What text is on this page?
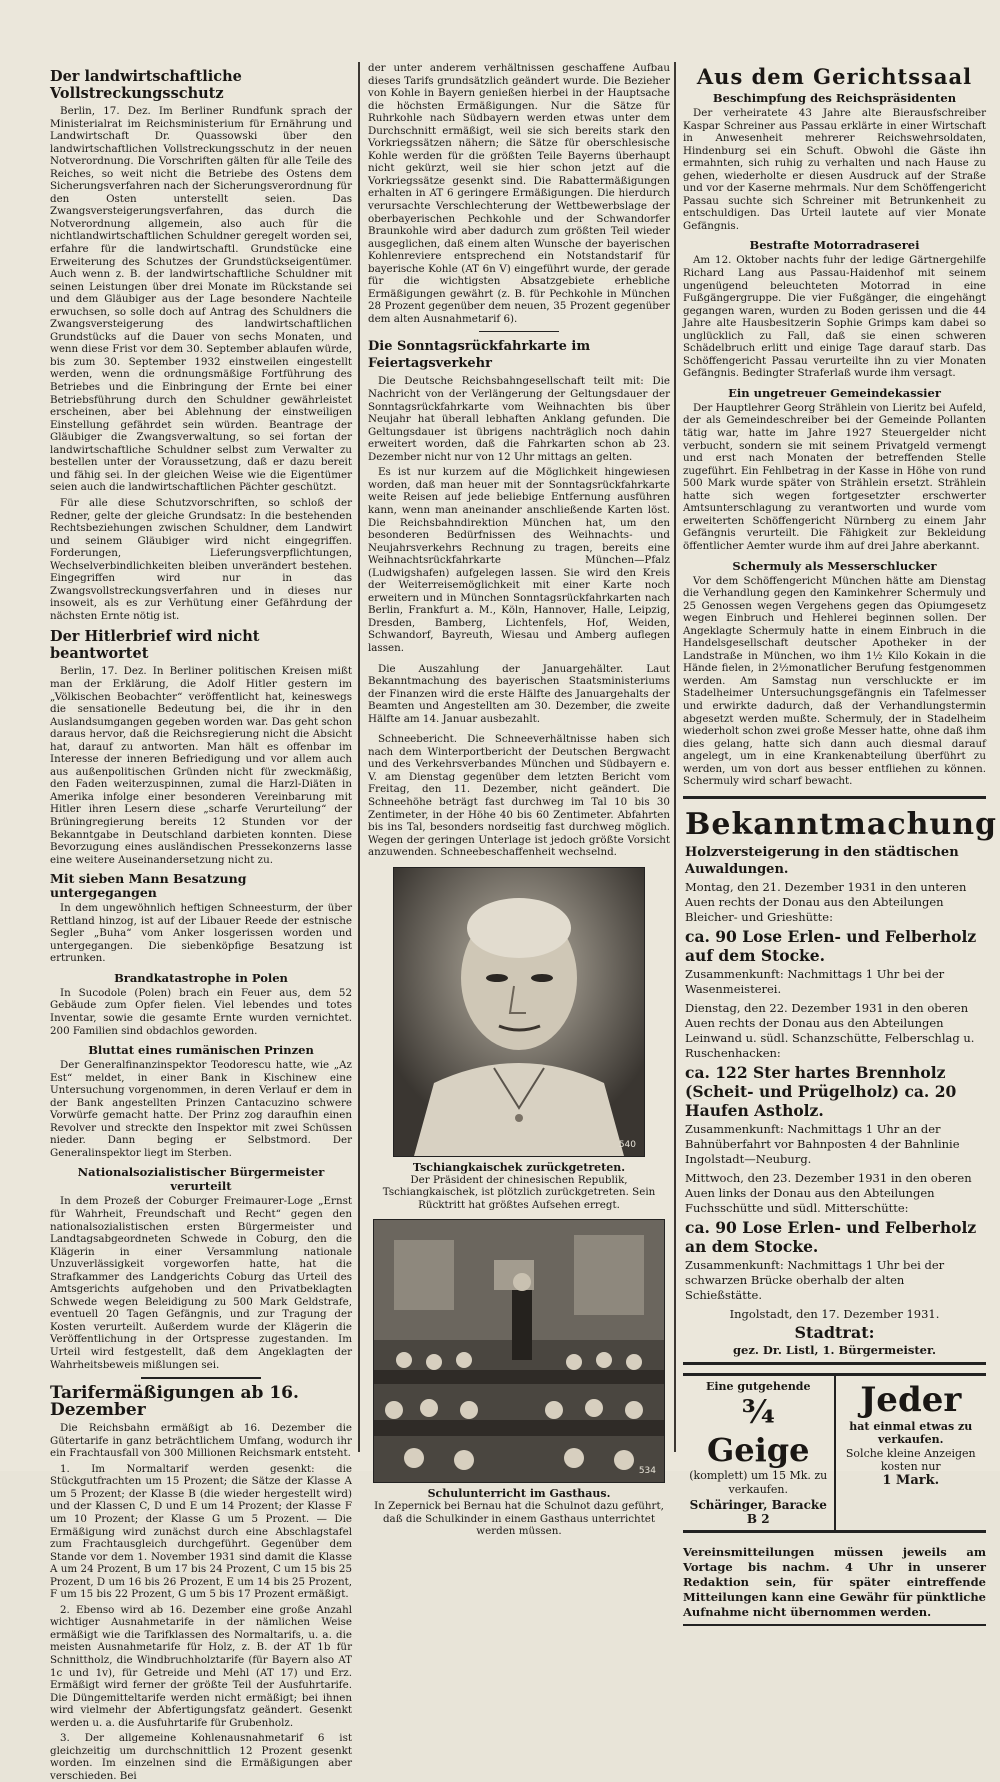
Der landwirtschaftliche Vollstreckungsschutz

Berlin, 17. Dez. Im Berliner Rundfunk sprach der Ministerialrat im Reichsministerium für Ernährung und Landwirtschaft Dr. Quassowski über den landwirtschaftlichen Vollstreckungsschutz in der neuen Notverordnung. Die Vorschriften gälten für alle Teile des Reiches, so weit nicht die Betriebe des Ostens dem Sicherungsverfahren nach der Sicherungsverordnung für den Osten unterstellt seien. Das Zwangsversteigerungsverfahren, das durch die Notverordnung allgemein, also auch für die nichtlandwirtschaftlichen Schuldner geregelt worden sei, erfahre für die landwirtschaftl. Grundstücke eine Erweiterung des Schutzes der Grundstückseigentümer. Auch wenn z. B. der landwirtschaftliche Schuldner mit seinen Leistungen über drei Monate im Rückstande sei und dem Gläubiger aus der Lage besondere Nachteile erwuchsen, so solle doch auf Antrag des Schuldners die Zwangsversteigerung des landwirtschaftlichen Grundstücks auf die Dauer von sechs Monaten, und wenn diese Frist vor dem 30. September ablaufen würde, bis zum 30. September 1932 einstweilen eingestellt werden, wenn die ordnungsmäßige Fortführung des Betriebes und die Einbringung der Ernte bei einer Betriebsführung durch den Schuldner gewährleistet erscheinen, aber bei Ablehnung der einstweiligen Einstellung gefährdet sein würden. Beantrage der Gläubiger die Zwangsverwaltung, so sei fortan der landwirtschaftliche Schuldner selbst zum Verwalter zu bestellen unter der Voraussetzung, daß er dazu bereit und fähig sei. In der gleichen Weise wie die Eigentümer seien auch die landwirtschaftlichen Pächter geschützt.

Für alle diese Schutzvorschriften, so schloß der Redner, gelte der gleiche Grundsatz: In die bestehenden Rechtsbeziehungen zwischen Schuldner, dem Landwirt und seinem Gläubiger wird nicht eingegriffen. Forderungen, Lieferungsverpflichtungen, Wechselverbindlichkeiten bleiben unverändert bestehen. Eingegriffen wird nur in das Zwangsvollstreckungsverfahren und in dieses nur insoweit, als es zur Verhütung einer Gefährdung der nächsten Ernte nötig ist.

Der Hitlerbrief wird nicht beantwortet

Berlin, 17. Dez. In Berliner politischen Kreisen mißt man der Erklärung, die Adolf Hitler gestern im „Völkischen Beobachter“ veröffentlicht hat, keineswegs die sensationelle Bedeutung bei, die ihr in den Auslandsumgangen gegeben worden war. Das geht schon daraus hervor, daß die Reichsregierung nicht die Absicht hat, darauf zu antworten. Man hält es offenbar im Interesse der inneren Befriedigung und vor allem auch aus außenpolitischen Gründen nicht für zweckmäßig, den Faden weiterzuspinnen, zumal die Harzl-Diäten in Amerika infolge einer besonderen Vereinbarung mit Hitler ihren Lesern diese „scharfe Verurteilung“ der Brüningregierung bereits 12 Stunden vor der Bekanntgabe in Deutschland darbieten konnten. Diese Bevorzugung eines ausländischen Pressekonzerns lasse eine weitere Auseinandersetzung nicht zu.

Mit sieben Mann Besatzung untergegangen

In dem ungewöhnlich heftigen Schneesturm, der über Rettland hinzog, ist auf der Libauer Reede der estnische Segler „Buha“ vom Anker losgerissen worden und untergegangen. Die siebenköpfige Besatzung ist ertrunken.

Brandkatastrophe in Polen

In Sucodole (Polen) brach ein Feuer aus, dem 52 Gebäude zum Opfer fielen. Viel lebendes und totes Inventar, sowie die gesamte Ernte wurden vernichtet. 200 Familien sind obdachlos geworden.

Bluttat eines rumänischen Prinzen

Der Generalfinanzinspektor Teodorescu hatte, wie „Az Est“ meldet, in einer Bank in Kischinew eine Untersuchung vorgenommen, in deren Verlauf er dem in der Bank angestellten Prinzen Cantacuzino schwere Vorwürfe gemacht hatte. Der Prinz zog daraufhin einen Revolver und streckte den Inspektor mit zwei Schüssen nieder. Dann beging er Selbstmord. Der Generalinspektor liegt im Sterben.

Nationalsozialistischer Bürgermeister verurteilt

In dem Prozeß der Coburger Freimaurer-Loge „Ernst für Wahrheit, Freundschaft und Recht“ gegen den nationalsozialistischen ersten Bürgermeister und Landtagsabgeordneten Schwede in Coburg, den die Klägerin in einer Versammlung nationale Unzuverlässigkeit vorgeworfen hatte, hat die Strafkammer des Landgerichts Coburg das Urteil des Amtsgerichts aufgehoben und den Privatbeklagten Schwede wegen Beleidigung zu 500 Mark Geldstrafe, eventuell 20 Tagen Gefängnis, und zur Tragung der Kosten verurteilt. Außerdem wurde der Klägerin die Veröffentlichung in der Ortspresse zugestanden. Im Urteil wird festgestellt, daß dem Angeklagten der Wahrheitsbeweis mißlungen sei.

Tarifermäßigungen ab 16. Dezember

Die Reichsbahn ermäßigt ab 16. Dezember die Gütertarife in ganz beträchtlichem Umfang, wodurch ihr ein Frachtausfall von 300 Millionen Reichsmark entsteht.

1. Im Normaltarif werden gesenkt: die Stückgutfrachten um 15 Prozent; die Sätze der Klasse A um 5 Prozent; der Klasse B (die wieder hergestellt wird) und der Klassen C, D und E um 14 Prozent; der Klasse F um 10 Prozent; der Klasse G um 5 Prozent. — Die Ermäßigung wird zunächst durch eine Abschlagstafel zum Frachtausgleich durchgeführt. Gegenüber dem Stande vor dem 1. November 1931 sind damit die Klasse A um 24 Prozent, B um 17 bis 24 Prozent, C um 15 bis 25 Prozent, D um 16 bis 26 Prozent, E um 14 bis 25 Prozent, F um 15 bis 22 Prozent, G um 5 bis 17 Prozent ermäßigt.

2. Ebenso wird ab 16. Dezember eine große Anzahl wichtiger Ausnahmetarife in der nämlichen Weise ermäßigt wie die Tarifklassen des Normaltarifs, u. a. die meisten Ausnahmetarife für Holz, z. B. der AT 1b für Schnittholz, die Windbruchholztarife (für Bayern also AT 1c und 1v), für Getreide und Mehl (AT 17) und Erz. Ermäßigt wird ferner der größte Teil der Ausfuhrtarife. Die Düngemitteltarife werden nicht ermäßigt; bei ihnen wird vielmehr der Abfertigungsfatz geändert. Gesenkt werden u. a. die Ausfuhrtarife für Grubenholz.

3. Der allgemeine Kohlenausnahmetarif 6 ist gleichzeitig um durchschnittlich 12 Prozent gesenkt worden. Im einzelnen sind die Ermäßigungen aber verschieden. Bei

der unter anderem verhältnissen geschaffene Aufbau dieses Tarifs grundsätzlich geändert wurde. Die Bezieher von Kohle in Bayern genießen hierbei in der Hauptsache die höchsten Ermäßigungen. Nur die Sätze für Ruhrkohle nach Südbayern werden etwas unter dem Durchschnitt ermäßigt, weil sie sich bereits stark den Vorkriegssätzen nähern; die Sätze für oberschlesische Kohle werden für die größten Teile Bayerns überhaupt nicht gekürzt, weil sie hier schon jetzt auf die Vorkriegssätze gesenkt sind. Die Rabattermäßigungen erhalten in AT 6 geringere Ermäßigungen. Die hierdurch verursachte Verschlechterung der Wettbewerbslage der oberbayerischen Pechkohle und der Schwandorfer Braunkohle wird aber dadurch zum größten Teil wieder ausgeglichen, daß einem alten Wunsche der bayerischen Kohlenreviere entsprechend ein Notstandstarif für bayerische Kohle (AT 6n V) eingeführt wurde, der gerade für die wichtigsten Absatzgebiete erhebliche Ermäßigungen gewährt (z. B. für Pechkohle in München 28 Prozent gegenüber dem neuen, 35 Prozent gegenüber dem alten Ausnahmetarif 6).

Die Sonntagsrückfahrkarte im Feiertagsverkehr

Die Deutsche Reichsbahngesellschaft teilt mit: Die Nachricht von der Verlängerung der Geltungsdauer der Sonntagsrückfahrkarte vom Weihnachten bis über Neujahr hat überall lebhaften Anklang gefunden. Die Geltungsdauer ist übrigens nachträglich noch dahin erweitert worden, daß die Fahrkarten schon ab 23. Dezember nicht nur von 12 Uhr mittags an gelten.

Es ist nur kurzem auf die Möglichkeit hingewiesen worden, daß man heuer mit der Sonntagsrückfahrkarte weite Reisen auf jede beliebige Entfernung ausführen kann, wenn man aneinander anschließende Karten löst. Die Reichsbahndirektion München hat, um den besonderen Bedürfnissen des Weihnachts- und Neujahrsverkehrs Rechnung zu tragen, bereits eine Weihnachtsrückfahrkarte München—Pfalz (Ludwigshafen) aufgelegen lassen. Sie wird den Kreis der Weiterreisemöglichkeit mit einer Karte noch erweitern und in München Sonntagsrückfahrkarten nach Berlin, Frankfurt a. M., Köln, Hannover, Halle, Leipzig, Dresden, Bamberg, Lichtenfels, Hof, Weiden, Schwandorf, Bayreuth, Wiesau und Amberg auflegen lassen.

Die Auszahlung der Januargehälter. Laut Bekanntmachung des bayerischen Staatsministeriums der Finanzen wird die erste Hälfte des Januargehalts der Beamten und Angestellten am 30. Dezember, die zweite Hälfte am 14. Januar ausbezahlt.

Schneebericht. Die Schneeverhältnisse haben sich nach dem Winterportbericht der Deutschen Bergwacht und des Verkehrsverbandes München und Südbayern e. V. am Dienstag gegenüber dem letzten Bericht vom Freitag, den 11. Dezember, nicht geändert. Die Schneehöhe beträgt fast durchweg im Tal 10 bis 30 Zentimeter, in der Höhe 40 bis 60 Zentimeter. Abfahrten bis ins Tal, besonders nordseitig fast durchweg möglich. Wegen der geringen Unterlage ist jedoch größte Vorsicht anzuwenden. Schneebeschaffenheit wechselnd.

540
Tschiangkaischek zurückgetreten.

Der Präsident der chinesischen Republik, Tschiangkaischek, ist plötzlich zurückgetreten. Sein Rücktritt hat größtes Aufsehen erregt.

534
Schulunterricht im Gasthaus.

In Zepernick bei Bernau hat die Schulnot dazu geführt, daß die Schulkinder in einem Gasthaus unterrichtet werden müssen.

Aus dem Gerichtssaal
Beschimpfung des Reichspräsidenten

Der verheiratete 43 Jahre alte Bierausfschreiber Kaspar Schreiner aus Passau erklärte in einer Wirtschaft in Anwesenheit mehrerer Reichswehrsoldaten, Hindenburg sei ein Schuft. Obwohl die Gäste ihn ermahnten, sich ruhig zu verhalten und nach Hause zu gehen, wiederholte er diesen Ausdruck auf der Straße und vor der Kaserne mehrmals. Nur dem Schöffengericht Passau suchte sich Schreiner mit Betrunkenheit zu entschuldigen. Das Urteil lautete auf vier Monate Gefängnis.

Bestrafte Motorradraserei

Am 12. Oktober nachts fuhr der ledige Gärtnergehilfe Richard Lang aus Passau-Haidenhof mit seinem ungenügend beleuchteten Motorrad in eine Fußgängergruppe. Die vier Fußgänger, die eingehängt gegangen waren, wurden zu Boden gerissen und die 44 Jahre alte Hausbesitzerin Sophie Grimps kam dabei so unglücklich zu Fall, daß sie einen schweren Schädelbruch erlitt und einige Tage darauf starb. Das Schöffengericht Passau verurteilte ihn zu vier Monaten Gefängnis. Bedingter Straferlaß wurde ihm versagt.

Ein ungetreuer Gemeindekassier

Der Hauptlehrer Georg Strählein von Lieritz bei Aufeld, der als Gemeindeschreiber bei der Gemeinde Pollanten tätig war, hatte im Jahre 1927 Steuergelder nicht verbucht, sondern sie mit seinem Privatgeld vermengt und erst nach Monaten der betreffenden Stelle zugeführt. Ein Fehlbetrag in der Kasse in Höhe von rund 500 Mark wurde später von Strählein ersetzt. Strählein hatte sich wegen fortgesetzter erschwerter Amtsunterschlagung zu verantworten und wurde vom erweiterten Schöffengericht Nürnberg zu einem Jahr Gefängnis verurteilt. Die Fähigkeit zur Bekleidung öffentlicher Aemter wurde ihm auf drei Jahre aberkannt.

Schermuly als Messerschlucker

Vor dem Schöffengericht München hätte am Dienstag die Verhandlung gegen den Kaminkehrer Schermuly und 25 Genossen wegen Vergehens gegen das Opiumgesetz wegen Einbruch und Hehlerei beginnen sollen. Der Angeklagte Schermuly hatte in einem Einbruch in die Handelsgesellschaft deutscher Apotheker in der Landstraße in München, wo ihm 1½ Kilo Kokain in die Hände fielen, in 2½monatlicher Berufung festgenommen werden. Am Samstag nun verschluckte er im Stadelheimer Untersuchungsgefängnis ein Tafelmesser und erwirkte dadurch, daß der Verhandlungstermin abgesetzt werden mußte. Schermuly, der in Stadelheim wiederholt schon zwei große Messer hatte, ohne daß ihm dies gelang, hatte sich dann auch diesmal darauf angelegt, um in eine Krankenabteilung überführt zu werden, um von dort aus besser entfliehen zu können. Schermuly wird scharf bewacht.

Bekanntmachung
Holzversteigerung in den städtischen Auwaldungen.

Montag, den 21. Dezember 1931 in den unteren Auen rechts der Donau aus den Abteilungen Bleicher- und Grieshütte:

ca. 90 Lose Erlen- und Felberholz auf dem Stocke.

Zusammenkunft: Nachmittags 1 Uhr bei der Wasenmeisterei.

Dienstag, den 22. Dezember 1931 in den oberen Auen rechts der Donau aus den Abteilungen Leinwand u. südl. Schanzschütte, Felberschlag u. Ruschenhacken:

ca. 122 Ster hartes Brennholz (Scheit- und Prügelholz) ca. 20 Haufen Astholz.

Zusammenkunft: Nachmittags 1 Uhr an der Bahnüberfahrt vor Bahnposten 4 der Bahnlinie Ingolstadt—Neuburg.

Mittwoch, den 23. Dezember 1931 in den oberen Auen links der Donau aus den Abteilungen Fuchsschütte und südl. Mitterschütte:

ca. 90 Lose Erlen- und Felberholz an dem Stocke.

Zusammenkunft: Nachmittags 1 Uhr bei der schwarzen Brücke oberhalb der alten Schießstätte.

Ingolstadt, den 17. Dezember 1931.

Stadtrat:

gez. Dr. Listl, 1. Bürgermeister.

Eine gutgehende
¾ Geige
(komplett) um 15 Mk. zu verkaufen.
Schäringer, Baracke B 2
Jeder
hat einmal etwas zu verkaufen.
Solche kleine Anzeigen kosten nur
1 Mark.

Vereinsmitteilungen müssen jeweils am Vortage bis nachm. 4 Uhr in unserer Redaktion sein, für später eintreffende Mitteilungen kann eine Gewähr für pünktliche Aufnahme nicht übernommen werden.
